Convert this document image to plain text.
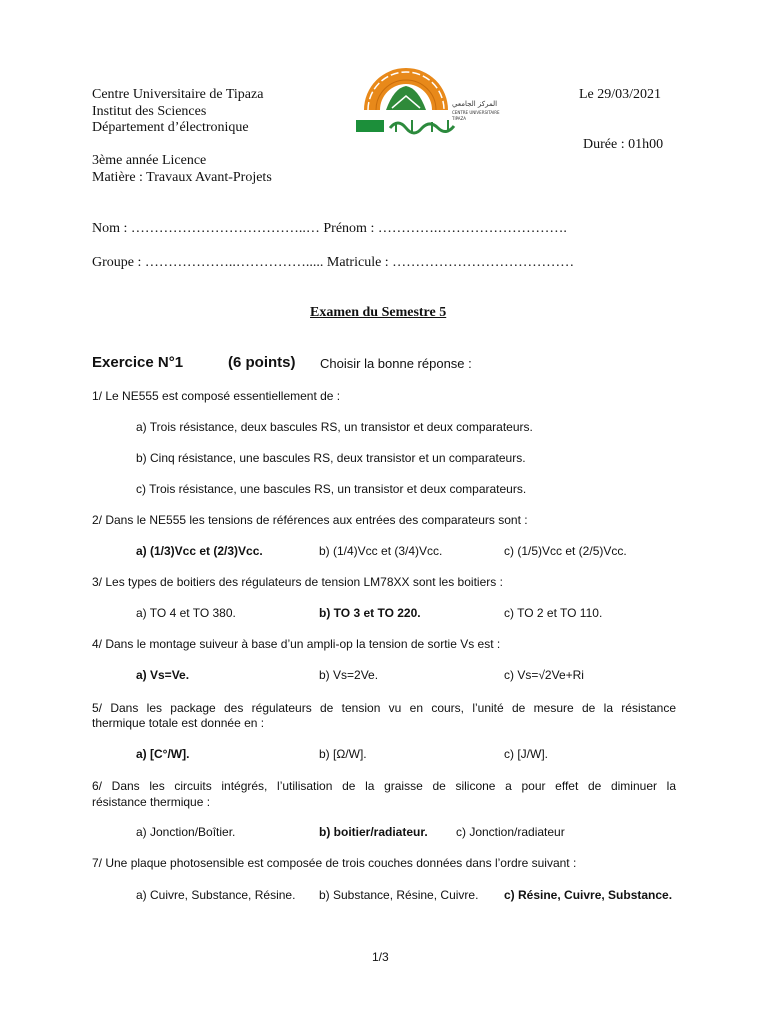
Centre Universitaire de Tipaza
Institut des Sciences
Département d’électronique
3ème année Licence
Matière : Travaux Avant-Projets
Le 29/03/2021
Durée : 01h00
المركز الجامعي
CENTRE UNIVERSITAIRE
TIPAZA
Nom : ………………………………..… Prénom : ………….……………………….
Groupe : ………………..……………..... Matricule : …………………………………
Examen du Semestre 5
Exercice N°1	(6 points) Choisir la bonne réponse :
1/ Le NE555 est composé essentiellement de :
a) Trois résistance, deux bascules RS, un transistor et deux comparateurs.
b) Cinq résistance, une bascules RS, deux transistor et un comparateurs.
c) Trois résistance, une bascules RS, un transistor et deux comparateurs.
2/ Dans le NE555 les tensions de références aux entrées des comparateurs sont :
a) (1/3)Vcc et (2/3)Vcc.	b) (1/4)Vcc et (3/4)Vcc.	c) (1/5)Vcc et (2/5)Vcc.
3/ Les types de boitiers des régulateurs de tension LM78XX sont les boitiers :
a) TO 4 et TO 380.	b) TO 3 et TO 220.	c) TO 2 et TO 110.
4/ Dans le montage suiveur à base d’un ampli-op la tension de sortie Vs est :
a) Vs=Ve.	b) Vs=2Ve.	c) Vs=√2Ve+Ri
5/ Dans les package des régulateurs de tension vu en cours, l’unité de mesure de la résistance
thermique totale est donnée en :
a) [C°/W].	b) [Ω/W].	c) [J/W].
6/ Dans les circuits intégrés, l’utilisation de la graisse de silicone a pour effet de diminuer la
résistance thermique :
a) Jonction/Boîtier.	b) boitier/radiateur. c) Jonction/radiateur
7/ Une plaque photosensible est composée de trois couches données dans l’ordre suivant :
a) Cuivre, Substance, Résine. b) Substance, Résine, Cuivre. c) Résine, Cuivre, Substance.
1/3
